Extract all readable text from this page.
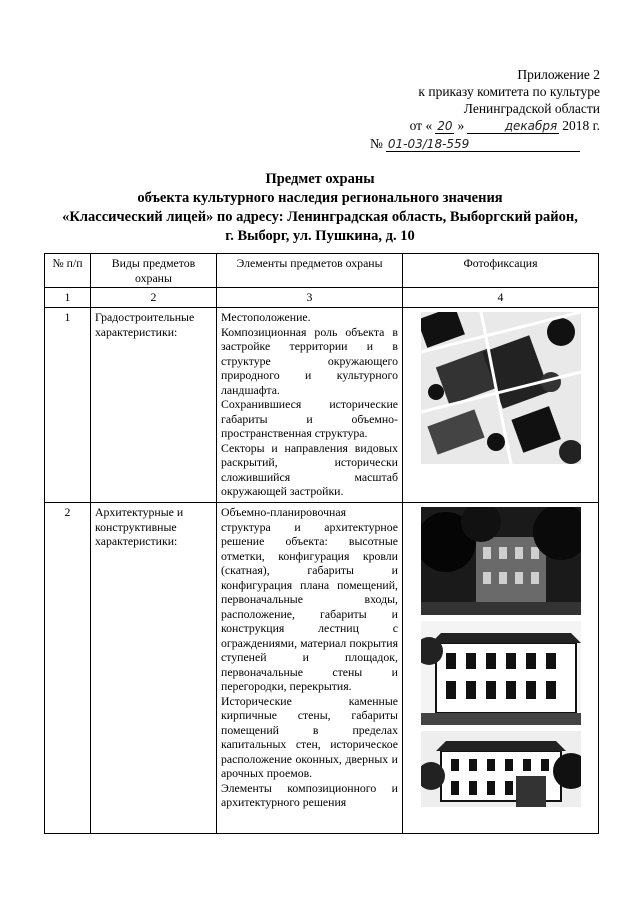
Приложение 2
к приказу комитета по культуре
Ленинградской области
от « 20 »	декабря 2018 г.
№ 01-03/18-559
Предмет охраны
объекта культурного наследия регионального значения
«Классический лицей» по адресу: Ленинградская область, Выборгский район,
г. Выборг, ул. Пушкина, д. 10
№ п/п	Виды предметов охраны	Элементы предметов охраны	Фотофиксация
1	2	3	4
1	Градостроительные характеристики:	Местоположение.
Композиционная роль объекта в застройке территории и в структуре окружающего природного и культурного ландшафта.
Сохранившиеся исторические габариты и объемно-пространственная структура.
Секторы и направления видовых раскрытий, исторически сложившийся масштаб окружающей застройки.

2	Архитектурные и конструктивные характеристики:	Объемно-планировочная структура и архитектурное решение объекта: высотные отметки, конфигурация кровли (скатная), габариты и конфигурация плана помещений, первоначальные входы, расположение, габариты и конструкция лестниц с ограждениями, материал покрытия ступеней и площадок, первоначальные стены и перегородки, перекрытия.
Исторические каменные кирпичные стены, габариты помещений в пределах капитальных стен, историческое расположение оконных, дверных и арочных проемов.
Элементы композиционного и архитектурного решения
